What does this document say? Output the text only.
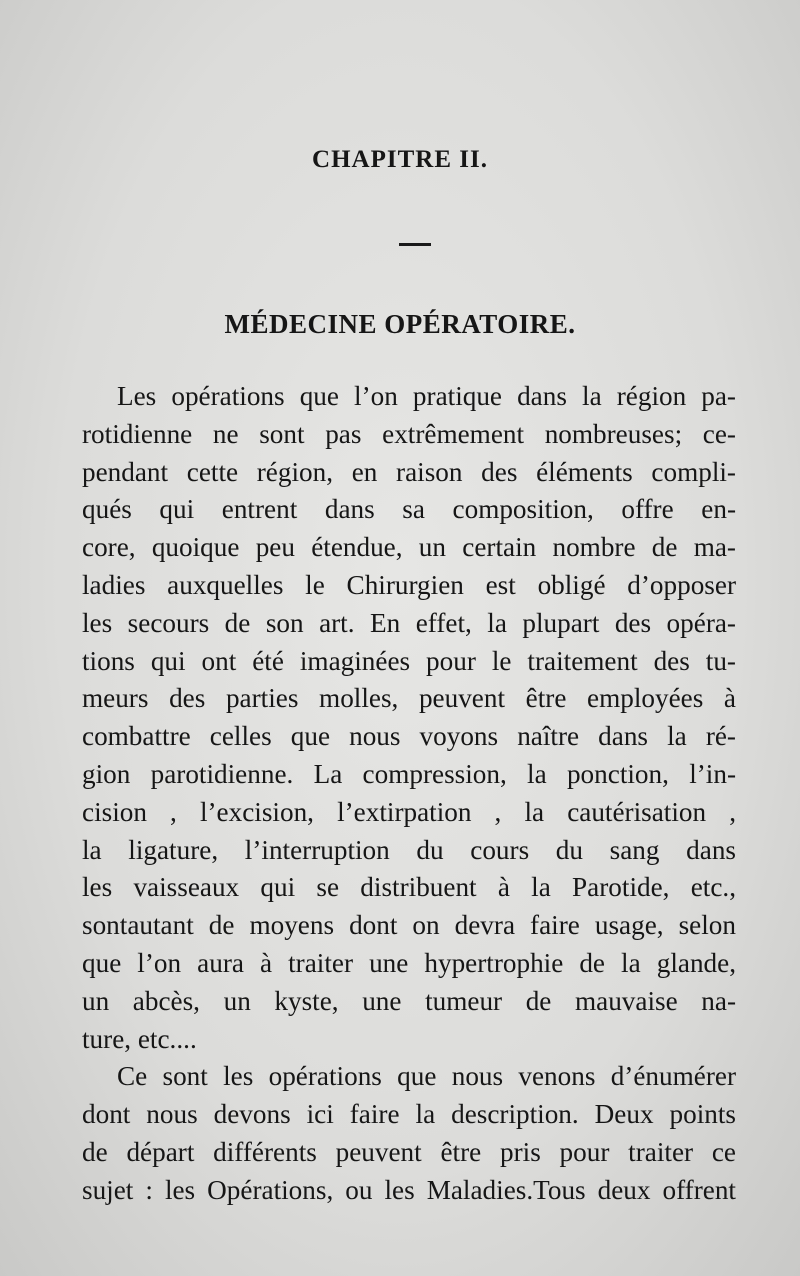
CHAPITRE II.
MÉDECINE OPÉRATOIRE.
Les opérations que l’on pratique dans la région pa-
rotidienne ne sont pas extrêmement nombreuses; ce-
pendant cette région, en raison des éléments compli-
qués qui entrent dans sa composition, offre en-
core, quoique peu étendue, un certain nombre de ma-
ladies auxquelles le Chirurgien est obligé d’opposer
les secours de son art. En effet, la plupart des opéra-
tions qui ont été imaginées pour le traitement des tu-
meurs des parties molles, peuvent être employées à
combattre celles que nous voyons naître dans la ré-
gion parotidienne. La compression, la ponction, l’in-
cision , l’excision, l’extirpation , la cautérisation ,
la ligature, l’interruption du cours du sang dans
les vaisseaux qui se distribuent à la Parotide, etc.,
sontautant de moyens dont on devra faire usage, selon
que l’on aura à traiter une hypertrophie de la glande,
un abcès, un kyste, une tumeur de mauvaise na-
ture, etc....
Ce sont les opérations que nous venons d’énumérer
dont nous devons ici faire la description. Deux points
de départ différents peuvent être pris pour traiter ce
sujet : les Opérations, ou les Maladies.Tous deux offrent
